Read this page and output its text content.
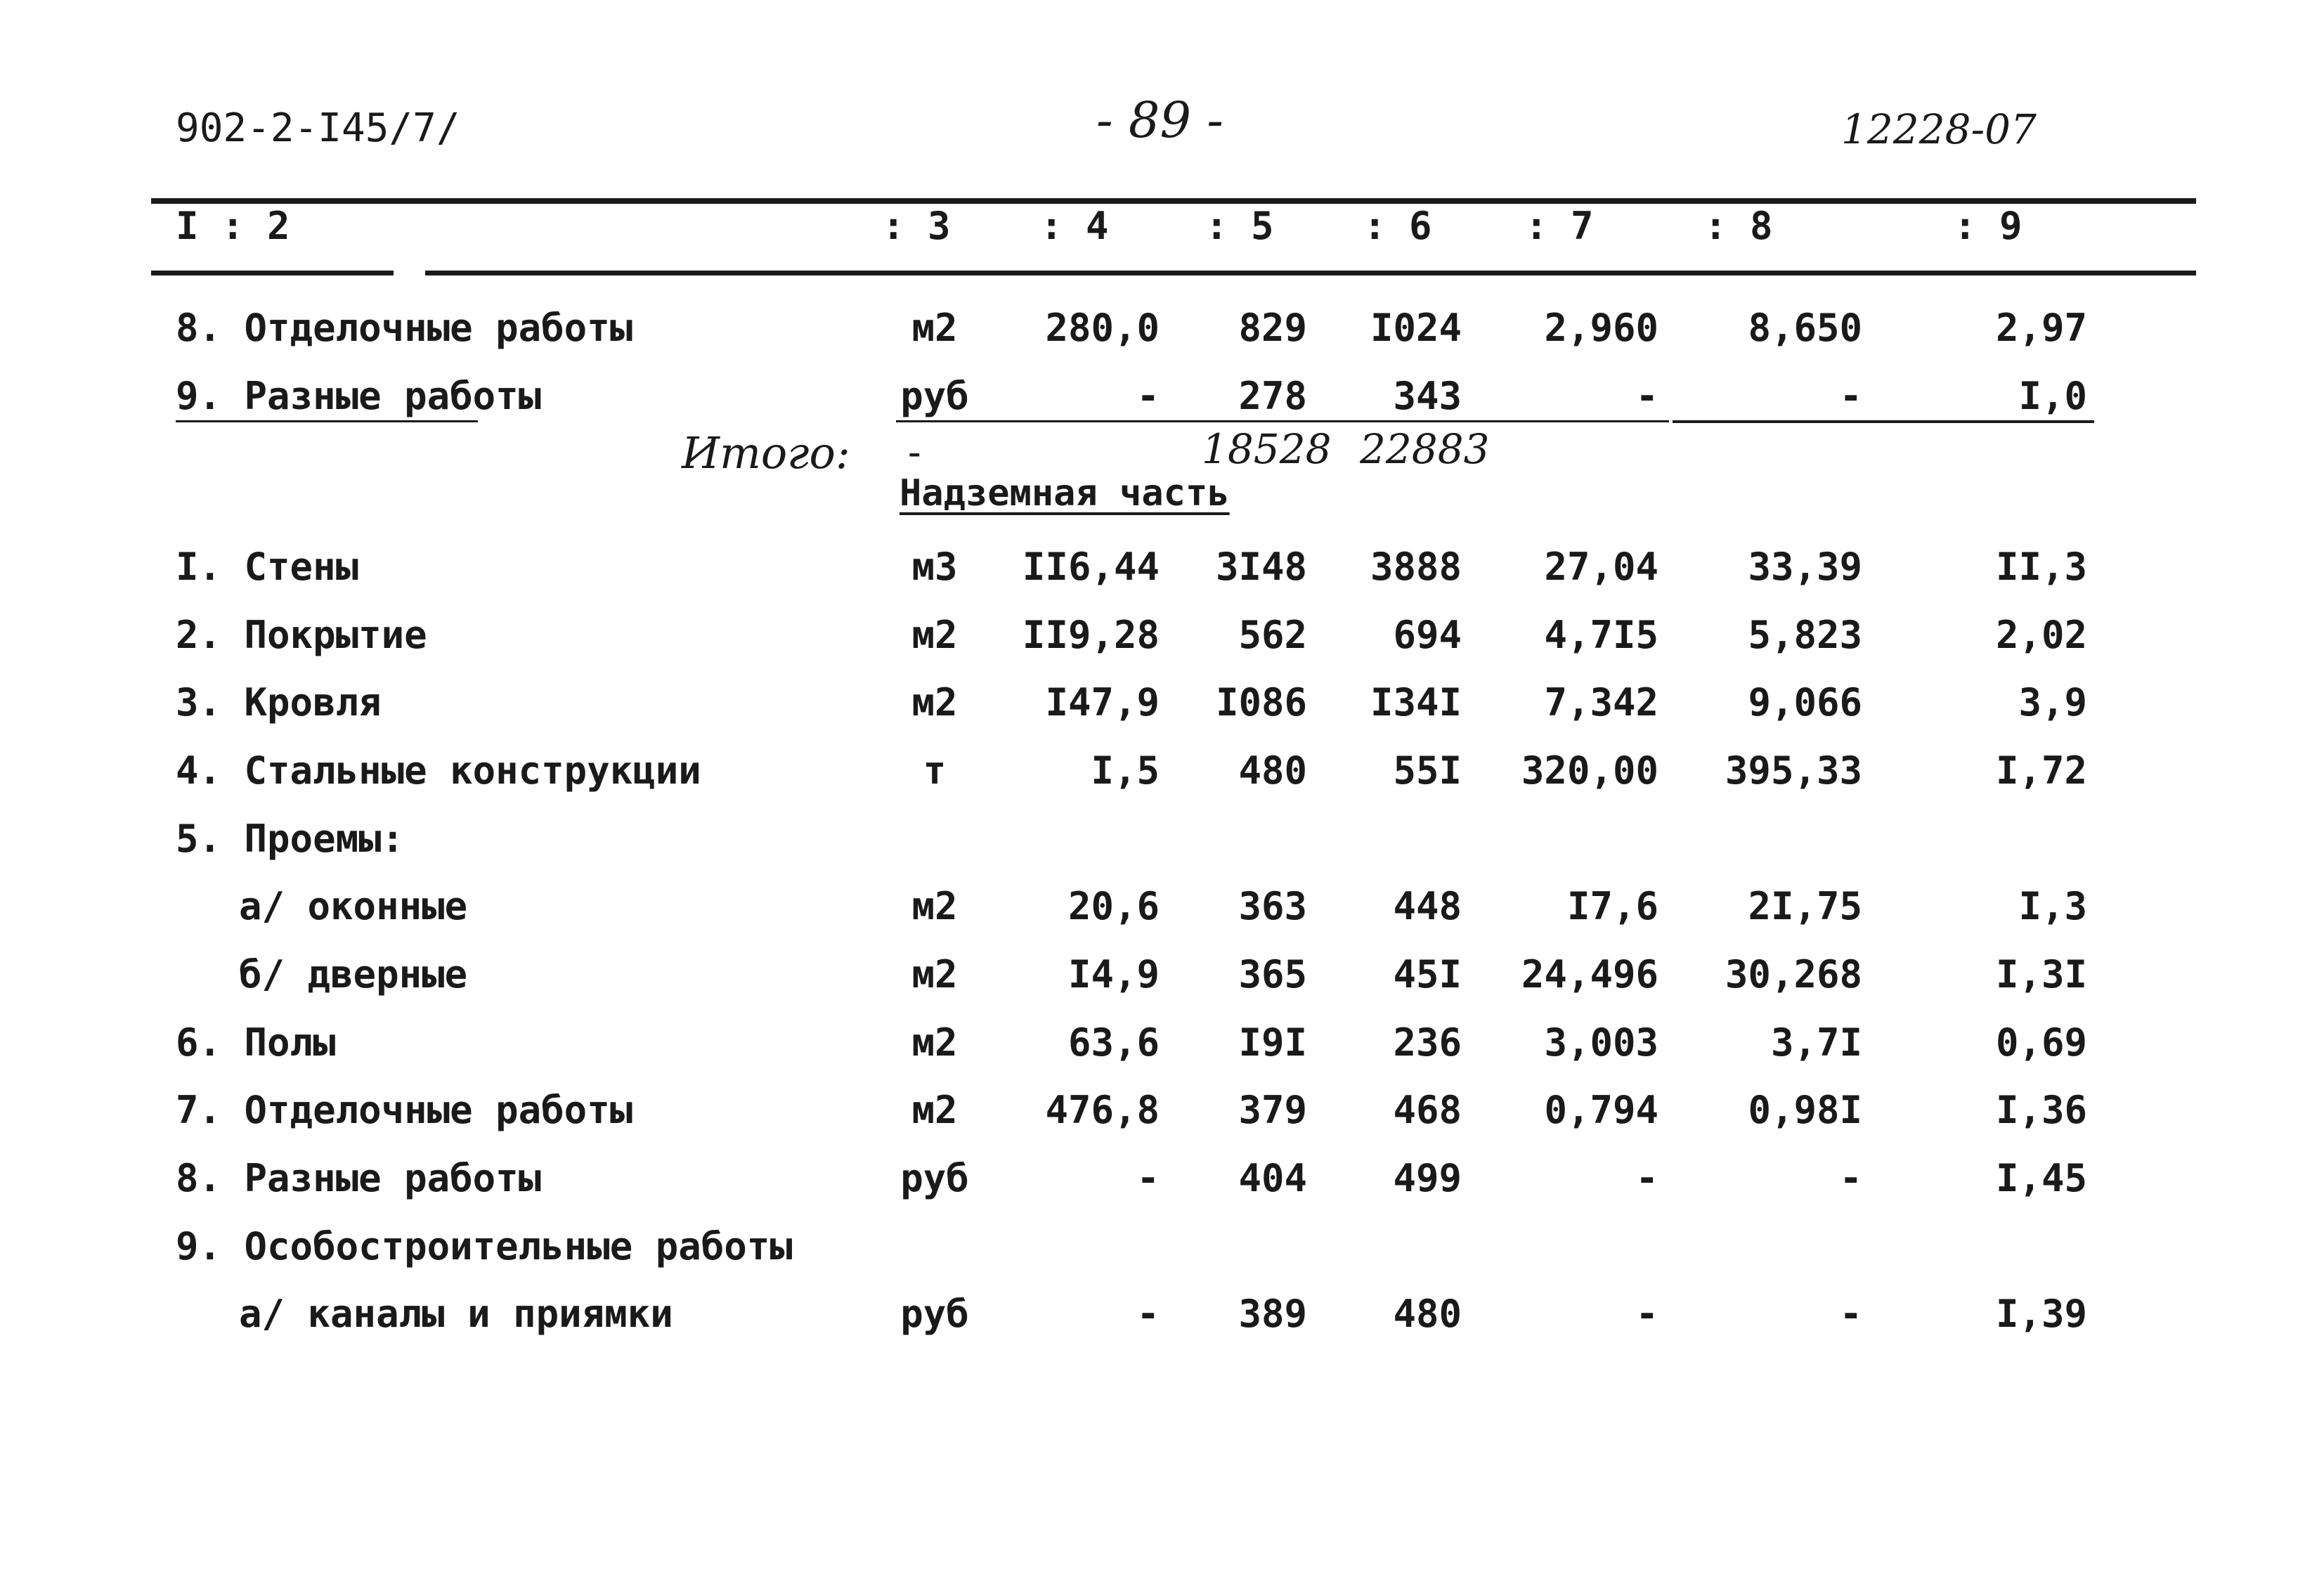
902-2-I45/7/	- 89 -	12228-07
I : 2	: 3 : 4	: 5 : 6 : 7	: 8	: 9
8. Отделочные работы	м2	280,0	829	I024	2,960	8,650	2,97
9. Разные работы	руб	-	278	343	-	-	I,0
Итого: -	18528 22883
Надземная часть
I. Стены	м3	II6,44	3I48	3888	27,04	33,39	II,3
2. Покрытие	м2	II9,28	562	694	4,7I5	5,823	2,02
3. Кровля	м2	I47,9	I086	I34I	7,342	9,066	3,9
4. Стальные конструкции	т	I,5	480	55I	320,00	395,33	I,72
5. Проемы:
а/ оконные	м2	20,6	363	448	I7,6	2I,75	I,3
б/ дверные	м2	I4,9	365	45I	24,496	30,268	I,3I
6. Полы	м2	63,6	I9I	236	3,003	3,7I	0,69
7. Отделочные работы	м2	476,8	379	468	0,794	0,98I	I,36
8. Разные работы	руб	-	404	499	-	-	I,45
9. Особостроительные работы
а/ каналы и приямки	руб	-	389	480	-	-	I,39
